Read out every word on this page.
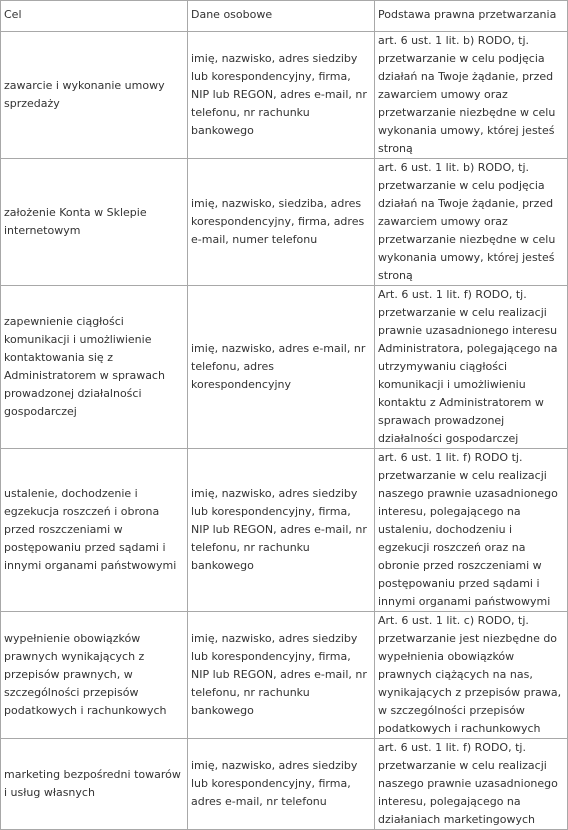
Cel	Dane osobowe	Podstawa prawna przetwarzania
zawarcie i wykonanie umowy sprzedaży	imię, nazwisko, adres siedziby lub korespondencyjny, firma, NIP lub REGON, adres e-mail, nr telefonu, nr rachunku bankowego	art. 6 ust. 1 lit. b) RODO, tj. przetwarzanie w celu podjęcia działań na Twoje żądanie, przed zawarciem umowy oraz przetwarzanie niezbędne w celu wykonania umowy, której jesteś stroną
założenie Konta w Sklepie internetowym	imię, nazwisko, siedziba, adres korespondencyjny, firma, adres e-mail, numer telefonu	art. 6 ust. 1 lit. b) RODO, tj. przetwarzanie w celu podjęcia działań na Twoje żądanie, przed zawarciem umowy oraz przetwarzanie niezbędne w celu wykonania umowy, której jesteś stroną
zapewnienie ciągłości komunikacji i umożliwienie kontaktowania się z Administratorem w sprawach prowadzonej działalności gospodarczej	imię, nazwisko, adres e-mail, nr telefonu, adres korespondencyjny	Art. 6 ust. 1 lit. f) RODO, tj. przetwarzanie w celu realizacji prawnie uzasadnionego interesu Administratora, polegającego na utrzymywaniu ciągłości komunikacji i umożliwieniu kontaktu z Administratorem w sprawach prowadzonej działalności gospodarczej
ustalenie, dochodzenie i egzekucja roszczeń i obrona przed roszczeniami w postępowaniu przed sądami i innymi organami państwowymi	imię, nazwisko, adres siedziby lub korespondencyjny, firma, NIP lub REGON, adres e-mail, nr telefonu, nr rachunku bankowego	art. 6 ust. 1 lit. f) RODO tj. przetwarzanie w celu realizacji naszego prawnie uzasadnionego interesu, polegającego na ustaleniu, dochodzeniu i egzekucji roszczeń oraz na obronie przed roszczeniami w postępowaniu przed sądami i innymi organami państwowymi
wypełnienie obowiązków prawnych wynikających z przepisów prawnych, w szczególności przepisów podatkowych i rachunkowych	imię, nazwisko, adres siedziby lub korespondencyjny, firma, NIP lub REGON, adres e-mail, nr telefonu, nr rachunku bankowego	Art. 6 ust. 1 lit. c) RODO, tj. przetwarzanie jest niezbędne do wypełnienia obowiązków prawnych ciążących na nas, wynikających z przepisów prawa, w szczególności przepisów podatkowych i rachunkowych
marketing bezpośredni towarów i usług własnych	imię, nazwisko, adres siedziby lub korespondencyjny, firma, adres e-mail, nr telefonu	art. 6 ust. 1 lit. f) RODO, tj. przetwarzanie w celu realizacji naszego prawnie uzasadnionego interesu, polegającego na działaniach marketingowych
